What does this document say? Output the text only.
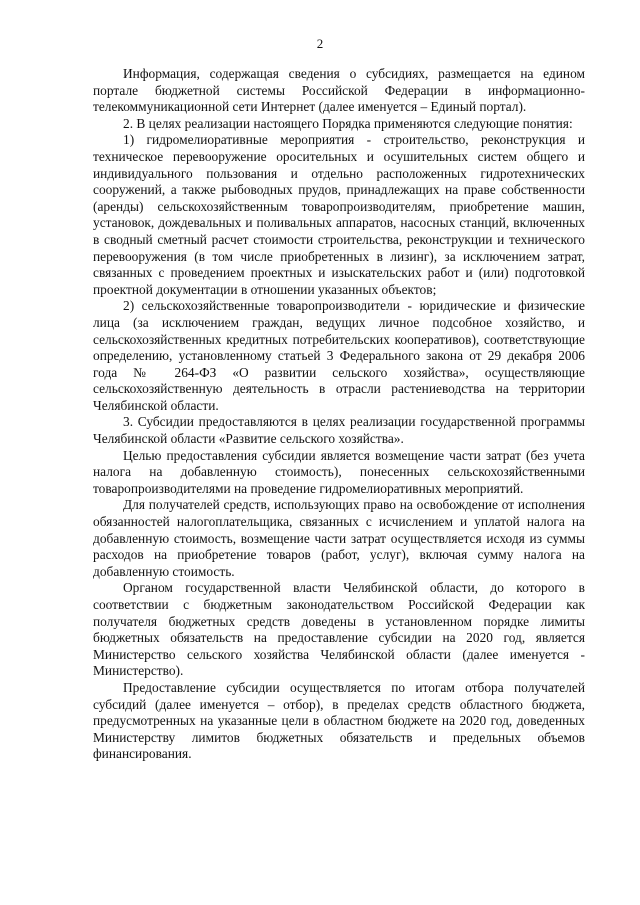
2

Информация, содержащая сведения о субсидиях, размещается на едином портале бюджетной системы Российской Федерации в информационно-телекоммуникационной сети Интернет (далее именуется – Единый портал).

2. В целях реализации настоящего Порядка применяются следующие понятия:

1) гидромелиоративные мероприятия - строительство, реконструкция и техническое перевооружение оросительных и осушительных систем общего и индивидуального пользования и отдельно расположенных гидротехнических сооружений, а также рыбоводных прудов, принадлежащих на праве собственности (аренды) сельскохозяйственным товаропроизводителям, приобретение машин, установок, дождевальных и поливальных аппаратов, насосных станций, включенных в сводный сметный расчет стоимости строительства, реконструкции и технического перевооружения (в том числе приобретенных в лизинг), за исключением затрат, связанных с проведением проектных и изыскательских работ и (или) подготовкой проектной документации в отношении указанных объектов;

2) сельскохозяйственные товаропроизводители - юридические и физические лица (за исключением граждан, ведущих личное подсобное хозяйство, и сельскохозяйственных кредитных потребительских кооперативов), соответствующие определению, установленному статьей 3 Федерального закона от 29 декабря 2006 года № 264-ФЗ «О развитии сельского хозяйства», осуществляющие сельскохозяйственную деятельность в отрасли растениеводства на территории Челябинской области.

3. Субсидии предоставляются в целях реализации государственной программы Челябинской области «Развитие сельского хозяйства».

Целью предоставления субсидии является возмещение части затрат (без учета налога на добавленную стоимость), понесенных сельскохозяйственными товаропроизводителями на проведение гидромелиоративных мероприятий.

Для получателей средств, использующих право на освобождение от исполнения обязанностей налогоплательщика, связанных с исчислением и уплатой налога на добавленную стоимость, возмещение части затрат осуществляется исходя из суммы расходов на приобретение товаров (работ, услуг), включая сумму налога на добавленную стоимость.

Органом государственной власти Челябинской области, до которого в соответствии с бюджетным законодательством Российской Федерации как получателя бюджетных средств доведены в установленном порядке лимиты бюджетных обязательств на предоставление субсидии на 2020 год, является Министерство сельского хозяйства Челябинской области (далее именуется - Министерство).

Предоставление субсидии осуществляется по итогам отбора получателей субсидий (далее именуется – отбор), в пределах средств областного бюджета, предусмотренных на указанные цели в областном бюджете на 2020 год, доведенных Министерству лимитов бюджетных обязательств и предельных объемов финансирования.
